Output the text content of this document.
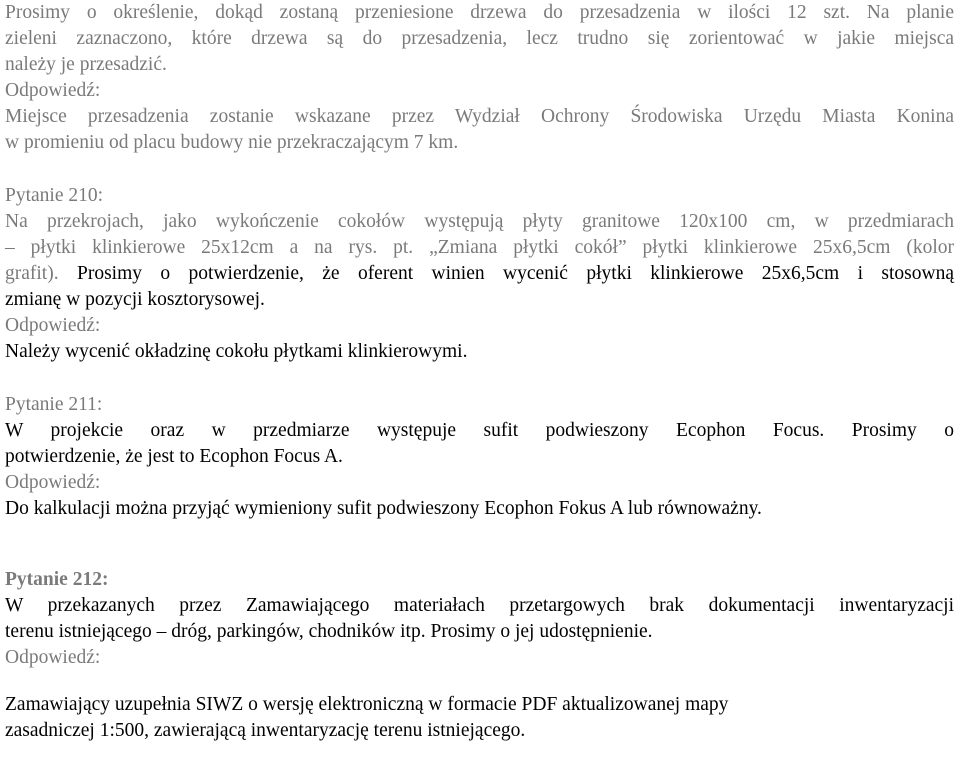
Prosimy o określenie, dokąd zostaną przeniesione drzewa do przesadzenia w ilości 12 szt. Na planie
zieleni zaznaczono, które drzewa są do przesadzenia, lecz trudno się zorientować w jakie miejsca
należy je przesadzić.
Odpowiedź:
Miejsce przesadzenia zostanie wskazane przez Wydział Ochrony Środowiska Urzędu Miasta Konina
w promieniu od placu budowy nie przekraczającym 7 km.
Pytanie 210:
Na przekrojach, jako wykończenie cokołów występują płyty granitowe 120x100 cm, w przedmiarach
– płytki klinkierowe 25x12cm a na rys. pt. „Zmiana płytki cokół” płytki klinkierowe 25x6,5cm (kolor
grafit). Prosimy o potwierdzenie, że oferent winien wycenić płytki klinkierowe 25x6,5cm i stosowną
zmianę w pozycji kosztorysowej.
Odpowiedź:
Należy wycenić okładzinę cokołu płytkami klinkierowymi.
Pytanie 211:
W projekcie oraz w przedmiarze występuje sufit podwieszony Ecophon Focus. Prosimy o
potwierdzenie, że jest to Ecophon Focus A.
Odpowiedź:
Do kalkulacji można przyjąć wymieniony sufit podwieszony Ecophon Fokus A lub równoważny.
Pytanie 212:
W przekazanych przez Zamawiającego materiałach przetargowych brak dokumentacji inwentaryzacji
terenu istniejącego – dróg, parkingów, chodników itp. Prosimy o jej udostępnienie.
Odpowiedź:
Zamawiający uzupełnia SIWZ o wersję elektroniczną w formacie PDF aktualizowanej mapy
zasadniczej 1:500, zawierającą inwentaryzację terenu istniejącego.
